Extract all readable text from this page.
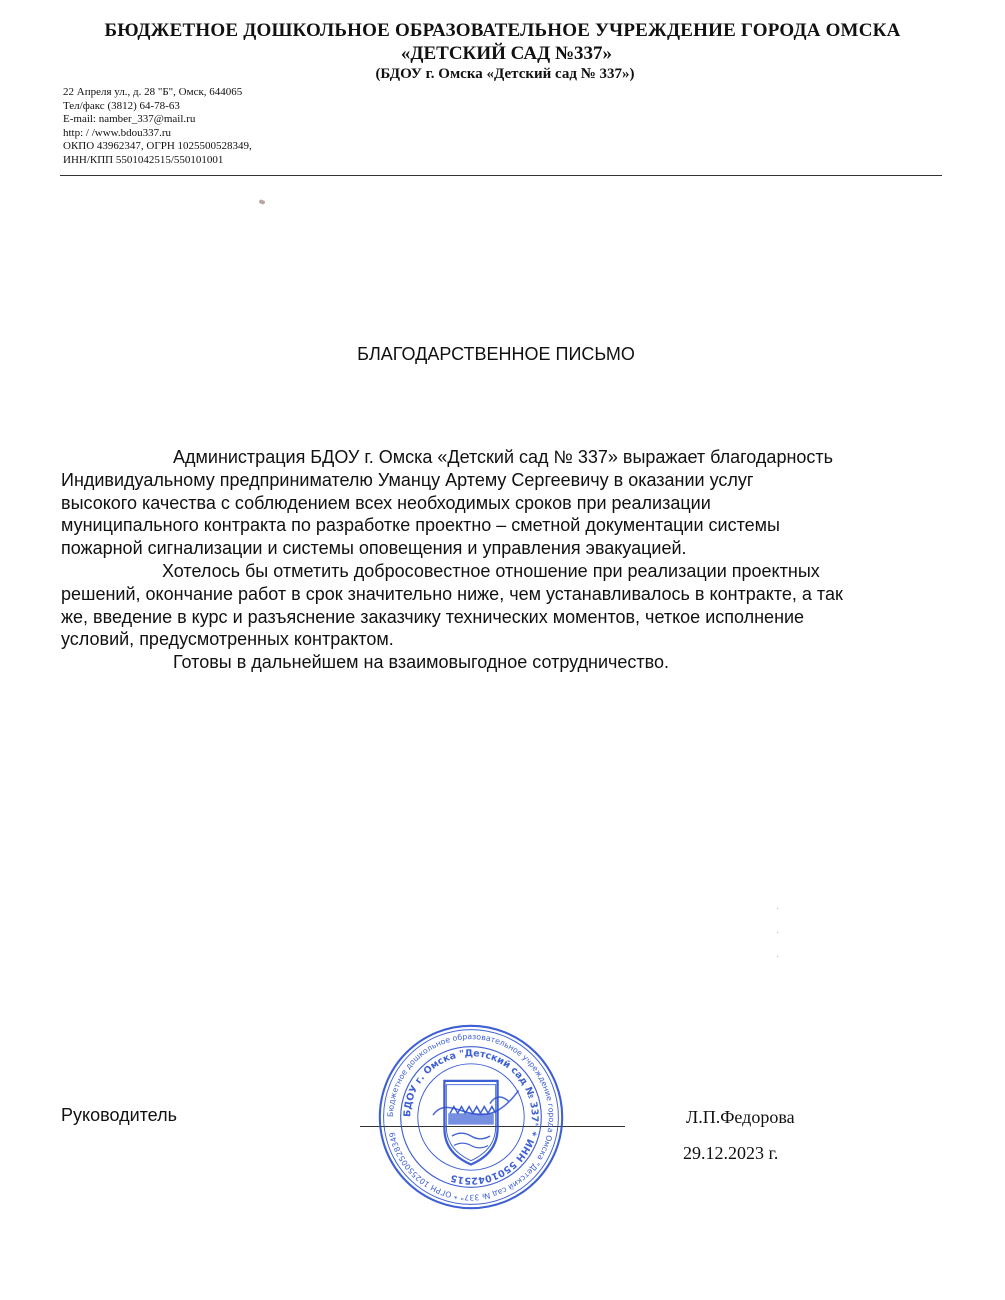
БЮДЖЕТНОЕ ДОШКОЛЬНОЕ ОБРАЗОВАТЕЛЬНОЕ УЧРЕЖДЕНИЕ ГОРОДА ОМСКА
«ДЕТСКИЙ САД №337»
(БДОУ г. Омска «Детский сад № 337»)
22 Апреля ул., д. 28 "Б", Омск, 644065
Тел/факс (3812) 64-78-63
E-mail: namber_337@mail.ru
http: / /www.bdou337.ru
ОКПО 43962347, ОГРН 1025500528349,
ИНН/КПП 5501042515/550101001
БЛАГОДАРСТВЕННОЕ ПИСЬМО
Администрация БДОУ г. Омска «Детский сад № 337» выражает благодарность
Индивидуальному предпринимателю Уманцу Артему Сергеевичу в оказании услуг
высокого качества с соблюдением всех необходимых сроков при реализации
муниципального контракта по разработке проектно – сметной документации системы
пожарной сигнализации и системы оповещения и управления эвакуацией.
Хотелось бы отметить добросовестное отношение при реализации проектных
решений, окончание работ в срок значительно ниже, чем устанавливалось в контракте, а так
же, введение в курс и разъяснение заказчику технических моментов, четкое исполнение
условий, предусмотренных контрактом.
Готовы в дальнейшем на взаимовыгодное сотрудничество.
·
·
·
Руководитель	Л.П.Федорова
29.12.2023 г.
Бюджетное дошкольное образовательное учреждение города Омска "Детский сад № 337" * ОГРН 1025500528349
БДОУ г. Омска "Детский сад № 337" * ИНН 5501042515
